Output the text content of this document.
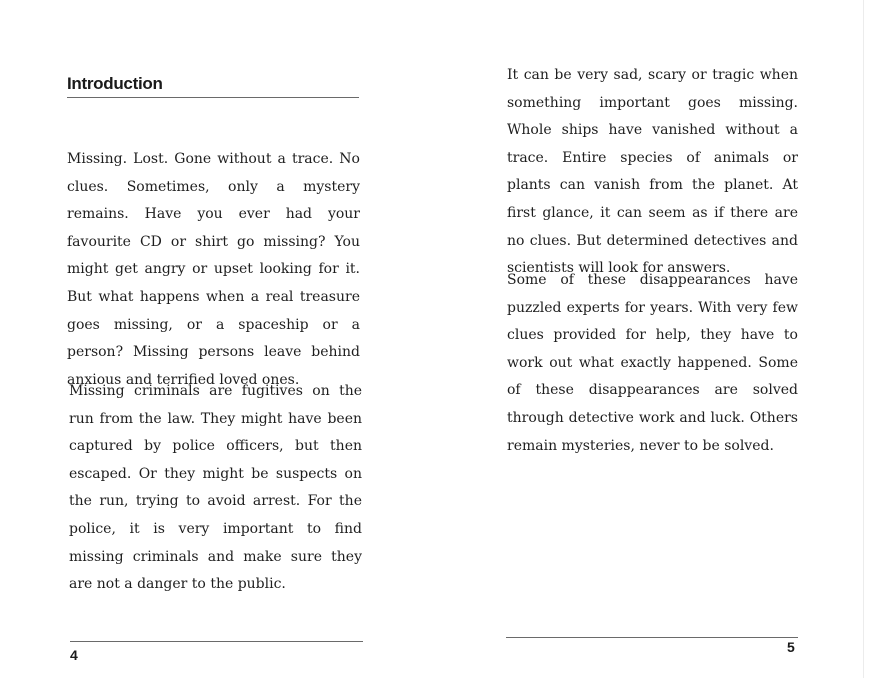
Introduction

Missing. Lost. Gone without a trace. No clues. Sometimes, only a mystery remains. Have you ever had your favourite CD or shirt go missing? You might get angry or upset looking for it. But what happens when a real treasure goes missing, or a spaceship or a person? Missing persons leave behind anxious and terrified loved ones.

Missing criminals are fugitives on the run from the law. They might have been captured by police officers, but then escaped. Or they might be suspects on the run, trying to avoid arrest. For the police, it is very important to find missing criminals and make sure they are not a danger to the public.

4

It can be very sad, scary or tragic when something important goes missing. Whole ships have vanished without a trace. Entire species of animals or plants can vanish from the planet. At first glance, it can seem as if there are no clues. But determined detectives and scientists will look for answers.

Some of these disappearances have puzzled experts for years. With very few clues provided for help, they have to work out what exactly happened. Some of these disappearances are solved through detective work and luck. Others remain mysteries, never to be solved.

5
